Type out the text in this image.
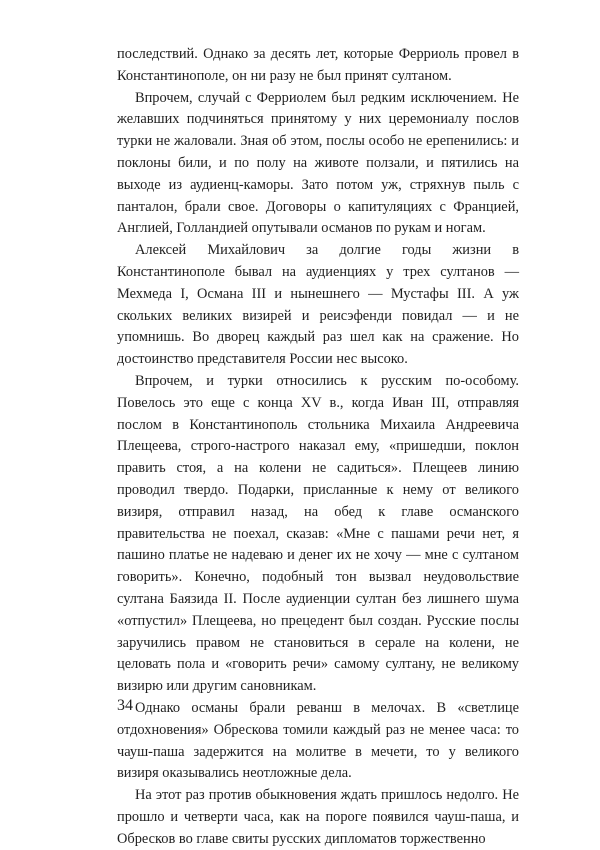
последствий. Однако за десять лет, которые Ферриоль провел в Константинополе, он ни разу не был принят султаном.

Впрочем, случай с Ферриолем был редким исключением. Не желавших подчиняться принятому у них церемониалу послов турки не жаловали. Зная об этом, послы особо не ерепенились: и поклоны били, и по полу на животе ползали, и пятились на выходе из аудиенц-каморы. Зато потом уж, стряхнув пыль с панталон, брали свое. Договоры о капитуляциях с Францией, Англией, Голландией опутывали османов по рукам и ногам.

Алексей Михайлович за долгие годы жизни в Константинополе бывал на аудиенциях у трех султанов — Мехмеда I, Османа III и нынешнего — Мустафы III. А уж скольких великих визирей и реисэфенди повидал — и не упомнишь. Во дворец каждый раз шел как на сражение. Но достоинство представителя России нес высоко.

Впрочем, и турки относились к русским по-особому. Повелось это еще с конца XV в., когда Иван III, отправляя послом в Константинополь стольника Михаила Андреевича Плещеева, строго-настрого наказал ему, «пришедши, поклон править стоя, а на колени не садиться». Плещеев линию проводил твердо. Подарки, присланные к нему от великого визиря, отправил назад, на обед к главе османского правительства не поехал, сказав: «Мне с пашами речи нет, я пашино платье не надеваю и денег их не хочу — мне с султаном говорить». Конечно, подобный тон вызвал неудовольствие султана Баязида II. После аудиенции султан без лишнего шума «отпустил» Плещеева, но прецедент был создан. Русские послы заручились правом не становиться в серале на колени, не целовать пола и «говорить речи» самому султану, не великому визирю или другим сановникам.

Однако османы брали реванш в мелочах. В «светлице отдохновения» Обрескова томили каждый раз не менее часа: то чауш-паша задержится на молитве в мечети, то у великого визиря оказывались неотложные дела.

На этот раз против обыкновения ждать пришлось недолго. Не прошло и четверти часа, как на пороге появился чауш-паша, и Обресков во главе свиты русских дипломатов торжественно

34
